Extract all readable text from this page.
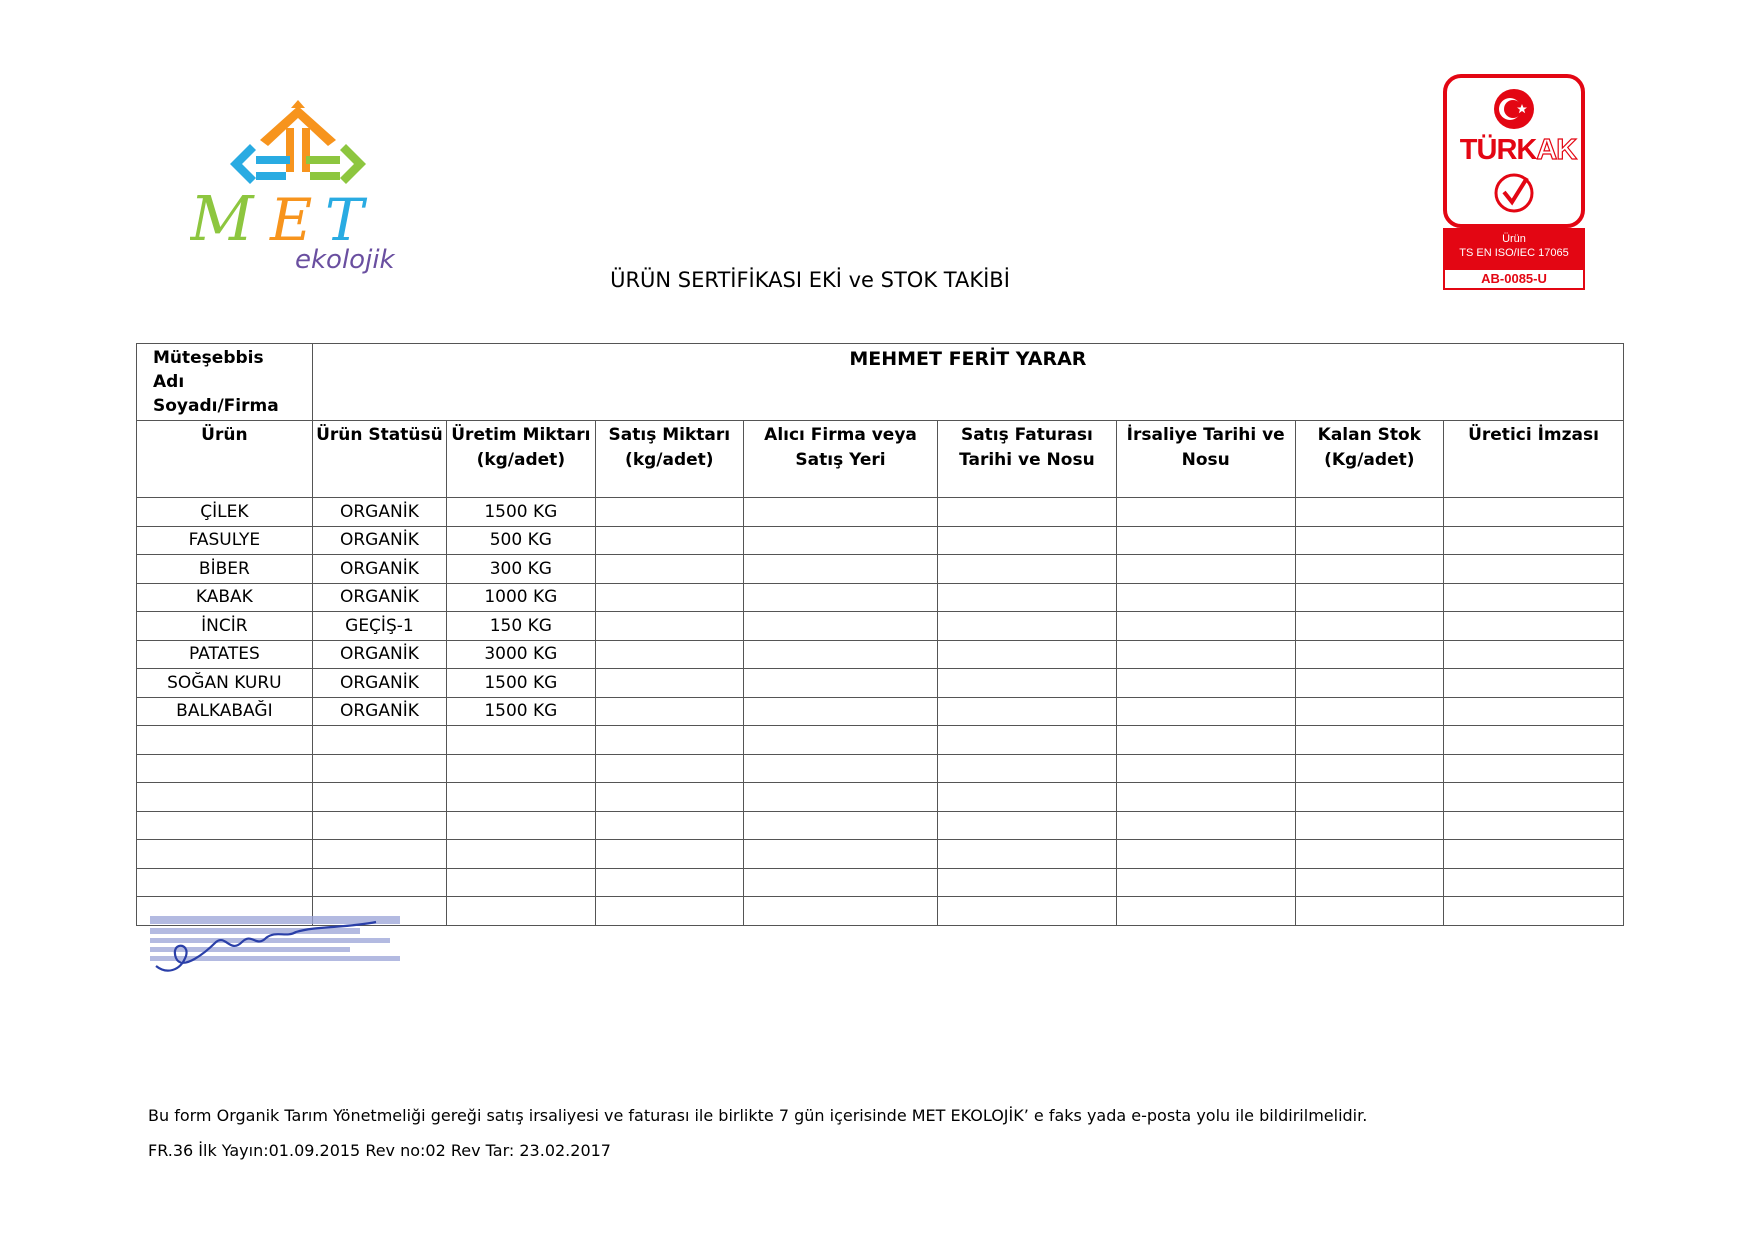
M E T
ekolojik
TÜRKAK
Ürün
TS EN ISO/IEC 17065
AB-0085-U
ÜRÜN SERTİFİKASI EKİ ve STOK TAKİBİ
Müteşebbis Adı Soyadı/Firma	MEHMET FERİT YARAR							
Ürün	Ürün Statüsü	Üretim Miktarı (kg/adet)	Satış Miktarı (kg/adet)	Alıcı Firma veya Satış Yeri	Satış Faturası Tarihi ve Nosu	İrsaliye Tarihi ve Nosu	Kalan Stok (Kg/adet)	Üretici İmzası
ÇİLEK	ORGANİK	1500 KG						
FASULYE	ORGANİK	500 KG						
BİBER	ORGANİK	300 KG						
KABAK	ORGANİK	1000 KG						
İNCİR	GEÇİŞ-1	150 KG						
PATATES	ORGANİK	3000 KG						
SOĞAN KURU	ORGANİK	1500 KG						
BALKABAĞI	ORGANİK	1500 KG						

Bu form Organik Tarım Yönetmeliği gereği satış irsaliyesi ve faturası ile birlikte 7 gün içerisinde MET EKOLOJİK’ e faks yada e-posta yolu ile bildirilmelidir.
FR.36 İlk Yayın:01.09.2015 Rev no:02 Rev Tar: 23.02.2017
